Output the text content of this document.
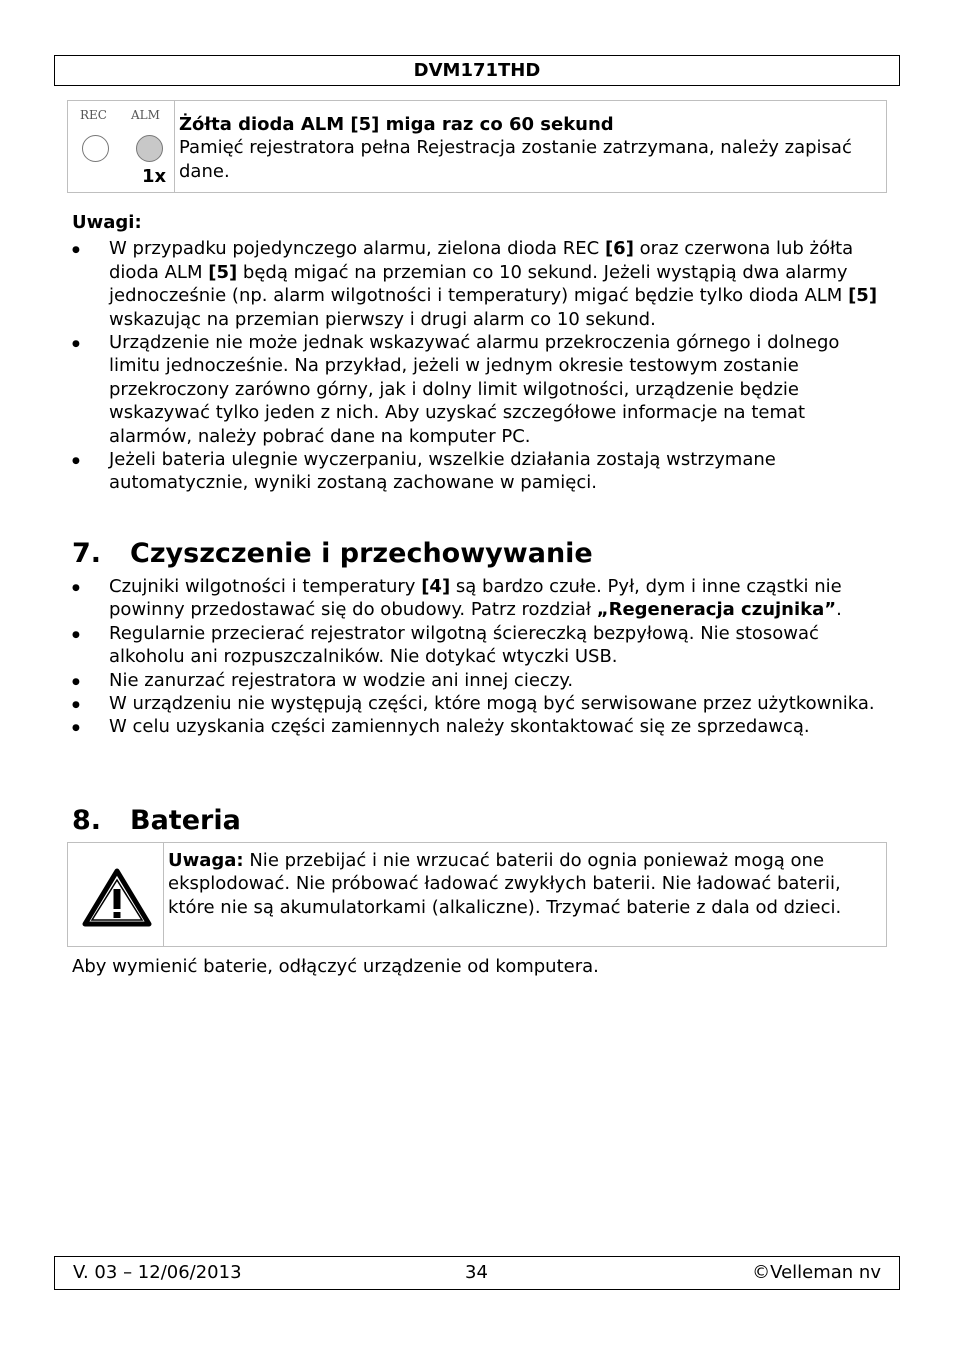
DVM171THD
REC ALM
1x

Żółta dioda ALM [5] miga raz co 60 sekund
Pamięć rejestratora pełna Rejestracja zostanie zatrzymana, należy zapisać dane.
Uwagi:
● W przypadku pojedynczego alarmu, zielona dioda REC [6] oraz czerwona lub żółta dioda ALM [5] będą migać na przemian co 10 sekund. Jeżeli wystąpią dwa alarmy jednocześnie (np. alarm wilgotności i temperatury) migać będzie tylko dioda ALM [5] wskazując na przemian pierwszy i drugi alarm co 10 sekund.
● Urządzenie nie może jednak wskazywać alarmu przekroczenia górnego i dolnego limitu jednocześnie. Na przykład, jeżeli w jednym okresie testowym zostanie przekroczony zarówno górny, jak i dolny limit wilgotności, urządzenie będzie wskazywać tylko jeden z nich. Aby uzyskać szczegółowe informacje na temat alarmów, należy pobrać dane na komputer PC.
● Jeżeli bateria ulegnie wyczerpaniu, wszelkie działania zostają wstrzymane automatycznie, wyniki zostaną zachowane w pamięci.
7. Czyszczenie i przechowywanie
● Czujniki wilgotności i temperatury [4] są bardzo czułe. Pył, dym i inne cząstki nie powinny przedostawać się do obudowy. Patrz rozdział „Regeneracja czujnika”.
● Regularnie przecierać rejestrator wilgotną ściereczką bezpyłową. Nie stosować alkoholu ani rozpuszczalników. Nie dotykać wtyczki USB.
● Nie zanurzać rejestratora w wodzie ani innej cieczy.
● W urządzeniu nie występują części, które mogą być serwisowane przez użytkownika.
● W celu uzyskania części zamiennych należy skontaktować się ze sprzedawcą.
8. Bateria
	Uwaga: Nie przebijać i nie wrzucać baterii do ognia ponieważ mogą one eksplodować. Nie próbować ładować zwykłych baterii. Nie ładować baterii, które nie są akumulatorkami (alkaliczne). Trzymać baterie z dala od dzieci.
Aby wymienić baterie, odłączyć urządzenie od komputera.
V. 03 – 12/06/2013	34	©Velleman nv
